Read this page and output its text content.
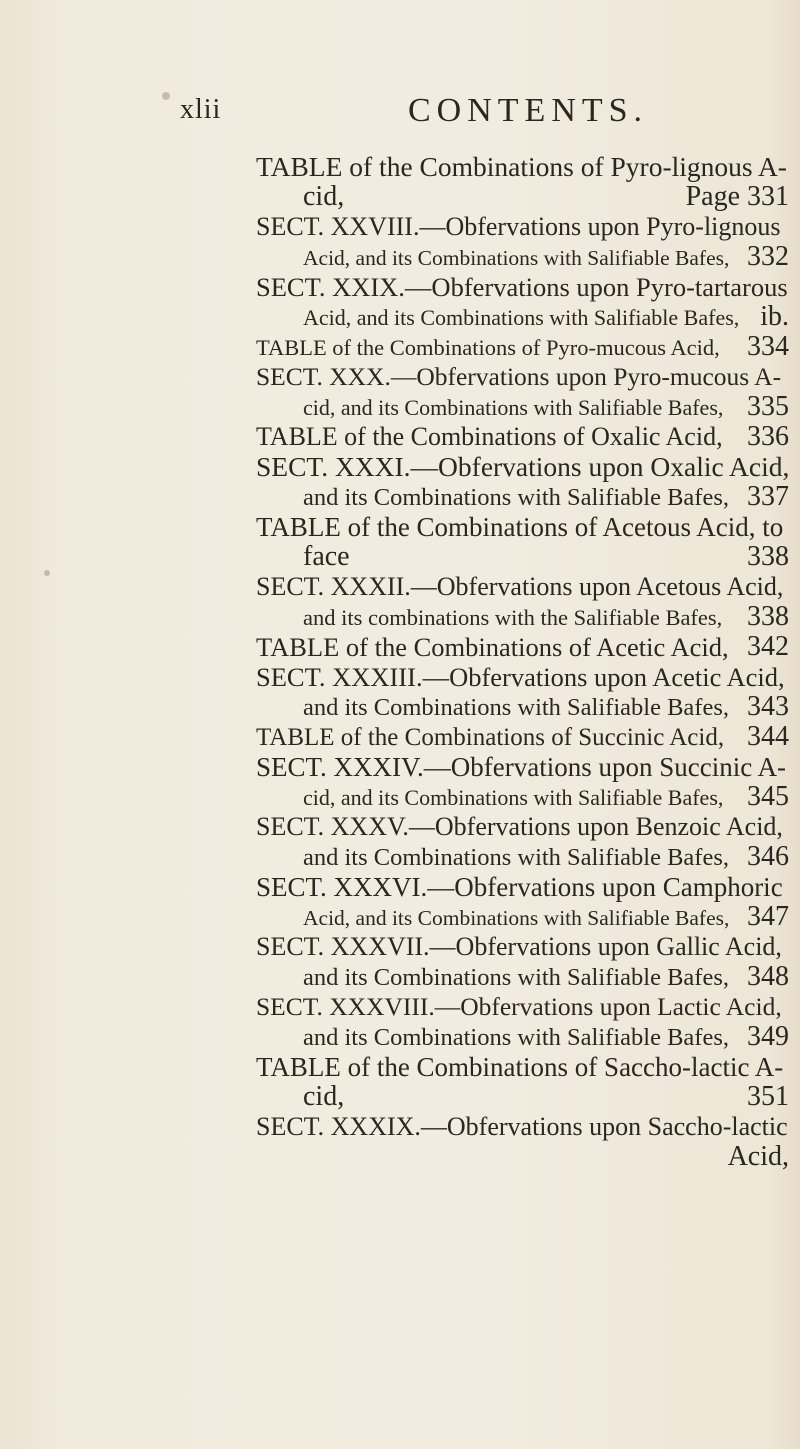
xlii	CONTENTS.
TABLE of the Combinations of Pyro-lignous A-
cid,	Page 331
SECT. XXVIII.—Obfervations upon Pyro-lignous
Acid, and its Combinations with Salifiable Bafes, 332
SECT. XXIX.—Obfervations upon Pyro-tartarous
Acid, and its Combinations with Salifiable Bafes, ib.
TABLE of the Combinations of Pyro-mucous Acid, 334
SECT. XXX.—Obfervations upon Pyro-mucous A-
cid, and its Combinations with Salifiable Bafes, 335
TABLE of the Combinations of Oxalic Acid, 336
SECT. XXXI.—Obfervations upon Oxalic Acid,
and its Combinations with Salifiable Bafes, 337
TABLE of the Combinations of Acetous Acid, to
face	338
SECT. XXXII.—Obfervations upon Acetous Acid,
and its combinations with the Salifiable Bafes, 338
TABLE of the Combinations of Acetic Acid, 342
SECT. XXXIII.—Obfervations upon Acetic Acid,
and its Combinations with Salifiable Bafes, 343
TABLE of the Combinations of Succinic Acid, 344
SECT. XXXIV.—Obfervations upon Succinic A-
cid, and its Combinations with Salifiable Bafes, 345
SECT. XXXV.—Obfervations upon Benzoic Acid,
and its Combinations with Salifiable Bafes, 346
SECT. XXXVI.—Obfervations upon Camphoric
Acid, and its Combinations with Salifiable Bafes, 347
SECT. XXXVII.—Obfervations upon Gallic Acid,
and its Combinations with Salifiable Bafes, 348
SECT. XXXVIII.—Obfervations upon Lactic Acid,
and its Combinations with Salifiable Bafes, 349
TABLE of the Combinations of Saccho-lactic A-
cid,	351
SECT. XXXIX.—Obfervations upon Saccho-lactic
Acid,
